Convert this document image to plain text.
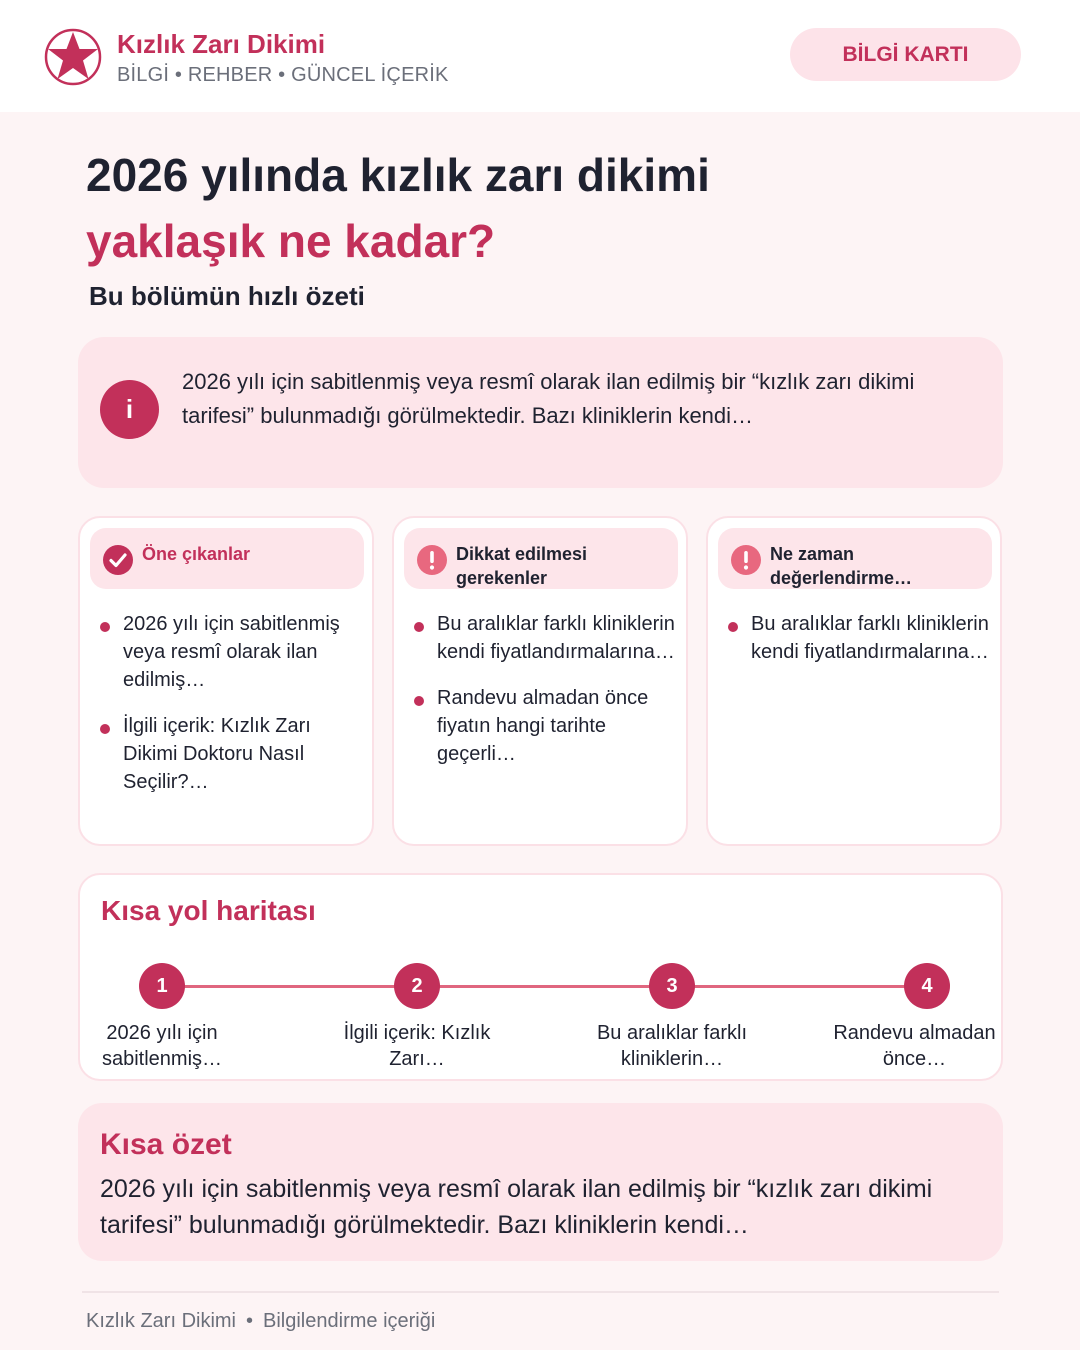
Kızlık Zarı Dikimi
BİLGİ • REHBER • GÜNCEL İÇERİK
BİLGİ KARTI
2026 yılında kızlık zarı dikimi
yaklaşık ne kadar?
Bu bölümün hızlı özeti
i
2026 yılı için sabitlenmiş veya resmî olarak ilan edilmiş bir “kızlık zarı dikimi tarifesi” bulunmadığı görülmektedir. Bazı kliniklerin kendi…
Öne çıkanlar
2026 yılı için sabitlenmiş veya resmî olarak ilan edilmiş…
İlgili içerik: Kızlık Zarı Dikimi Doktoru Nasıl Seçilir?…
Dikkat edilmesi gerekenler
Bu aralıklar farklı kliniklerin kendi fiyatlandırmalarına…
Randevu almadan önce fiyatın hangi tarihte geçerli…
Ne zaman değerlendirme…
Bu aralıklar farklı kliniklerin kendi fiyatlandırmalarına…
Kısa yol haritası
1	2	3	4
2026 yılı için sabitlenmiş…
İlgili içerik: Kızlık Zarı…
Bu aralıklar farklı kliniklerin…
Randevu almadan önce…
Kısa özet
2026 yılı için sabitlenmiş veya resmî olarak ilan edilmiş bir “kızlık zarı dikimi tarifesi” bulunmadığı görülmektedir. Bazı kliniklerin kendi…
Kızlık Zarı Dikimi • Bilgilendirme içeriği
